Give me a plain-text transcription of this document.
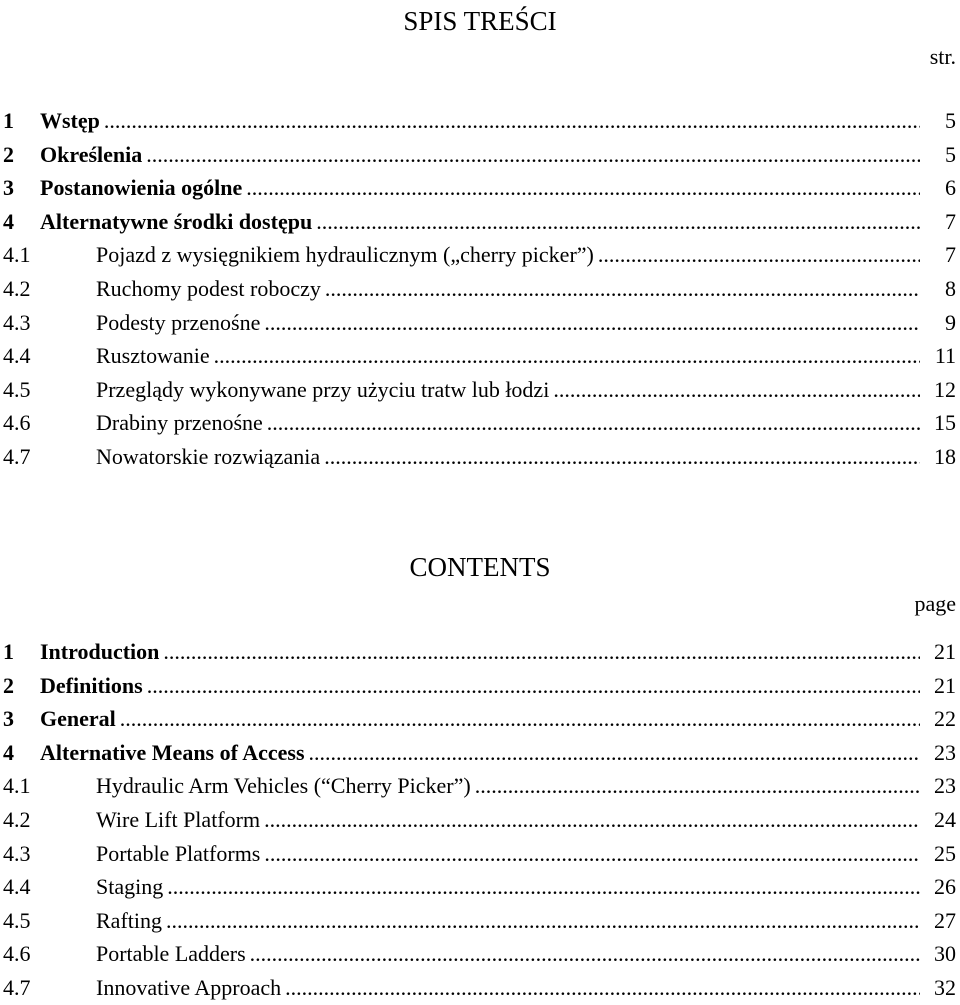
SPIS TREŚCI
str.
1 Wstęp .....	5
2 Określenia .....	5
3 Postanowienia ogólne .....	6
4 Alternatywne środki dostępu .....	7
4.1	Pojazd z wysięgnikiem hydraulicznym („cherry picker”) .....	7
4.2	Ruchomy podest roboczy .....	8
4.3	Podesty przenośne .....	9
4.4	Rusztowanie .....	11
4.5	Przeglądy wykonywane przy użyciu tratw lub łodzi .....	12
4.6	Drabiny przenośne .....	15
4.7	Nowatorskie rozwiązania .....	18
CONTENTS
page
1 Introduction .....	21
2 Definitions .....	21
3 General .....	22
4 Alternative Means of Access .....	23
4.1	Hydraulic Arm Vehicles (“Cherry Picker”) .....	23
4.2	Wire Lift Platform .....	24
4.3	Portable Platforms .....	25
4.4	Staging .....	26
4.5	Rafting .....	27
4.6	Portable Ladders .....	30
4.7	Innovative Approach .....	32
